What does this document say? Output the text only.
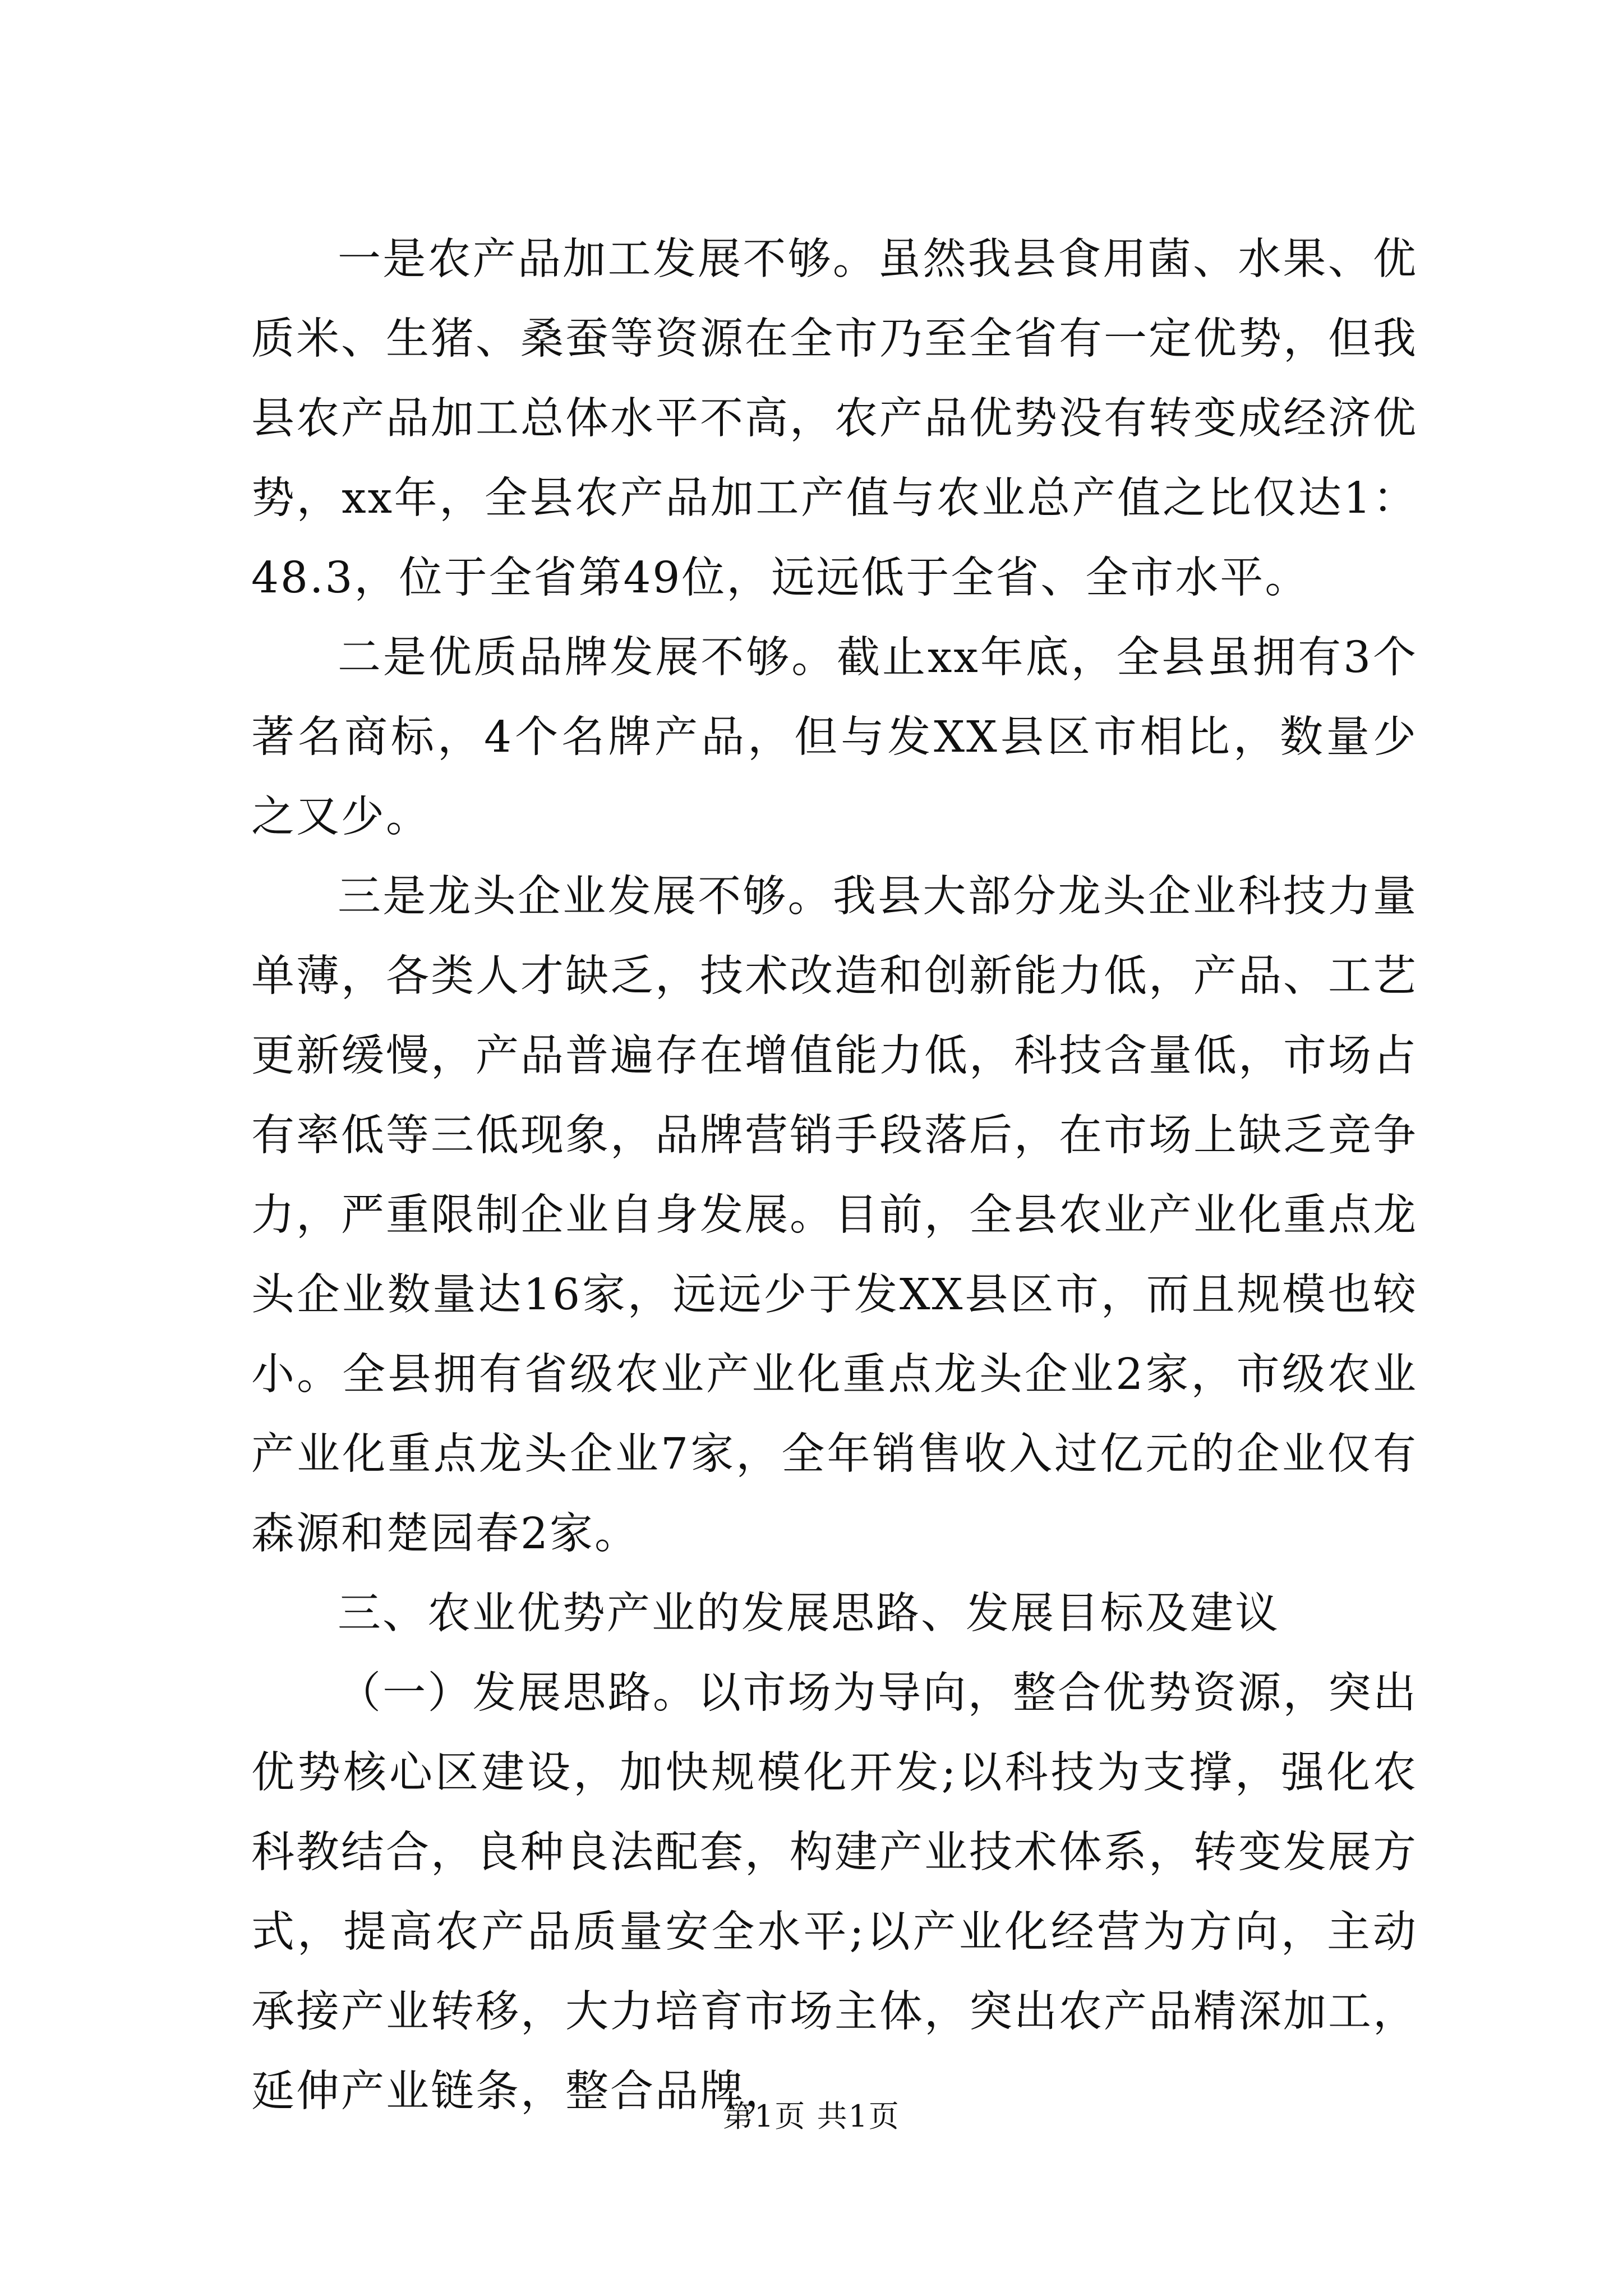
一是农产品加工发展不够。虽然我县食用菌、水果、优质米、生猪、桑蚕等资源在全市乃至全省有一定优势，但我县农产品加工总体水平不高，农产品优势没有转变成经济优势，xx年，全县农产品加工产值与农业总产值之比仅达1：48.3，位于全省第49位，远远低于全省、全市水平。

二是优质品牌发展不够。截止xx年底，全县虽拥有3个著名商标，4个名牌产品，但与发XX县区市相比，数量少之又少。

三是龙头企业发展不够。我县大部分龙头企业科技力量单薄，各类人才缺乏，技术改造和创新能力低，产品、工艺更新缓慢，产品普遍存在增值能力低，科技含量低，市场占有率低等三低现象，品牌营销手段落后，在市场上缺乏竞争力，严重限制企业自身发展。目前，全县农业产业化重点龙头企业数量达16家，远远少于发XX县区市，而且规模也较小。全县拥有省级农业产业化重点龙头企业2家，市级农业产业化重点龙头企业7家，全年销售收入过亿元的企业仅有森源和楚园春2家。

三、农业优势产业的发展思路、发展目标及建议

（一）发展思路。以市场为导向，整合优势资源，突出优势核心区建设，加快规模化开发;以科技为支撑，强化农科教结合，良种良法配套，构建产业技术体系，转变发展方式，提高农产品质量安全水平;以产业化经营为方向，主动承接产业转移，大力培育市场主体，突出农产品精深加工，延伸产业链条，整合品牌，

第1页 共1页
